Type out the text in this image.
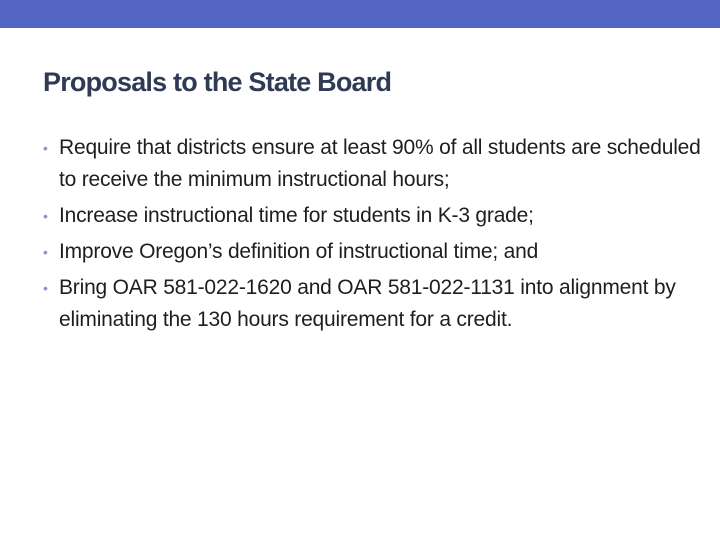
Proposals to the State Board
• Require that districts ensure at least 90% of all students are scheduled to receive the minimum instructional hours;
• Increase instructional time for students in K-3 grade;
• Improve Oregon’s definition of instructional time; and
• Bring OAR 581-022-1620 and OAR 581-022-1131 into alignment by eliminating the 130 hours requirement for a credit.
